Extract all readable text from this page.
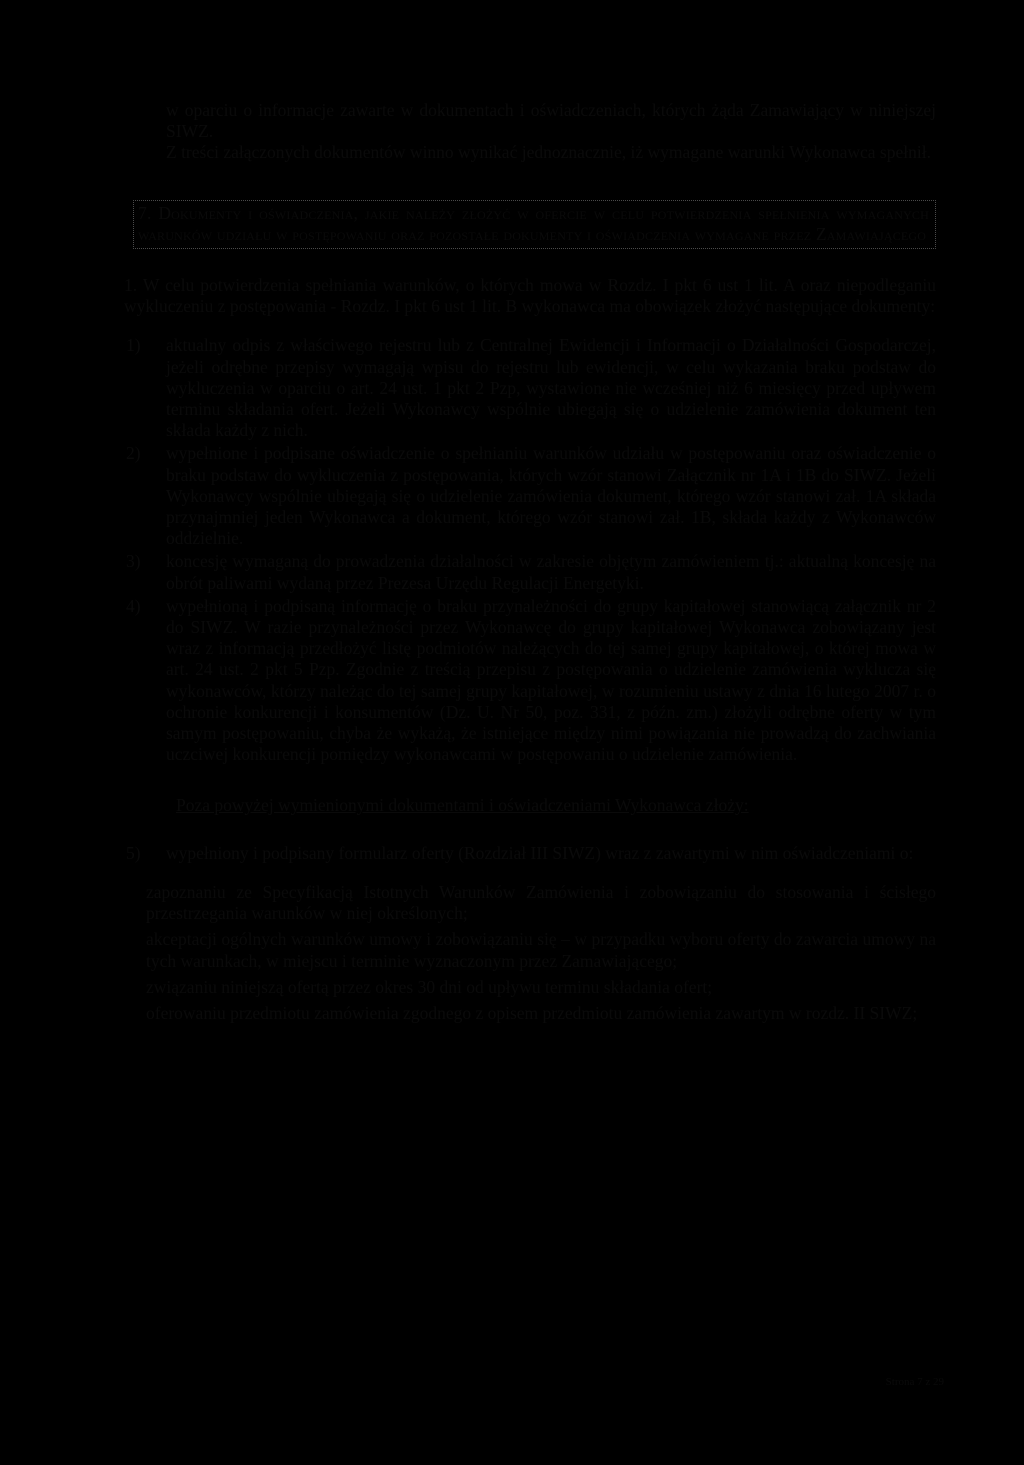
w oparciu o informacje zawarte w dokumentach i oświadczeniach, których żąda Zamawiający w niniejszej SIWZ.

Z treści załączonych dokumentów winno wynikać jednoznacznie, iż wymagane warunki Wykonawca spełnił.

7. Dokumenty i oświadczenia, jakie należy złożyć w ofercie w celu potwierdzenia spełnienia wymaganych warunków udziału w postępowaniu oraz pozostałe dokumenty i oświadczenia wymagane przez Zamawiającego
1. W celu potwierdzenia spełniania warunków, o których mowa w Rozdz. I pkt 6 ust 1 lit. A oraz niepodleganiu wykluczeniu z postępowania - Rozdz. I pkt 6 ust 1 lit. B wykonawca ma obowiązek złożyć następujące dokumenty:
1) aktualny odpis z właściwego rejestru lub z Centralnej Ewidencji i Informacji o Działalności Gospodarczej, jeżeli odrębne przepisy wymagają wpisu do rejestru lub ewidencji, w celu wykazania braku podstaw do wykluczenia w oparciu o art. 24 ust. 1 pkt 2 Pzp, wystawione nie wcześniej niż 6 miesięcy przed upływem terminu składania ofert. Jeżeli Wykonawcy wspólnie ubiegają się o udzielenie zamówienia dokument ten składa każdy z nich.
2) wypełnione i podpisane oświadczenie o spełnianiu warunków udziału w postępowaniu oraz oświadczenie o braku podstaw do wykluczenia z postępowania, których wzór stanowi Załącznik nr 1A i 1B do SIWZ. Jeżeli Wykonawcy wspólnie ubiegają się o udzielenie zamówienia dokument, którego wzór stanowi zał. 1A składa przynajmniej jeden Wykonawca a dokument, którego wzór stanowi zał. 1B, składa każdy z Wykonawców oddzielnie.
3) koncesję wymaganą do prowadzenia działalności w zakresie objętym zamówieniem tj.: aktualną koncesję na obrót paliwami wydaną przez Prezesa Urzędu Regulacji Energetyki.
4) wypełnioną i podpisaną informację o braku przynależności do grupy kapitałowej stanowiącą załącznik nr 2 do SIWZ. W razie przynależności przez Wykonawcę do grupy kapitałowej Wykonawca zobowiązany jest wraz z informacją przedłożyć listę podmiotów należących do tej samej grupy kapitałowej, o której mowa w art. 24 ust. 2 pkt 5 Pzp. Zgodnie z treścią przepisu z postępowania o udzielenie zamówienia wyklucza się wykonawców, którzy należąc do tej samej grupy kapitałowej, w rozumieniu ustawy z dnia 16 lutego 2007 r. o ochronie konkurencji i konsumentów (Dz. U. Nr 50, poz. 331, z późn. zm.) złożyli odrębne oferty w tym samym postępowaniu, chyba że wykażą, że istniejące między nimi powiązania nie prowadzą do zachwiania uczciwej konkurencji pomiędzy wykonawcami w postępowaniu o udzielenie zamówienia.
Poza powyżej wymienionymi dokumentami i oświadczeniami Wykonawca złoży:
5) wypełniony i podpisany formularz oferty (Rozdział III SIWZ) wraz z zawartymi w nim oświadczeniami o:
zapoznaniu ze Specyfikacją Istotnych Warunków Zamówienia i zobowiązaniu do stosowania i ścisłego przestrzegania warunków w niej określonych;
akceptacji ogólnych warunków umowy i zobowiązaniu się – w przypadku wyboru oferty do zawarcia umowy na tych warunkach, w miejscu i terminie wyznaczonym przez Zamawiającego;
związaniu niniejszą ofertą przez okres 30 dni od upływu terminu składania ofert;
oferowaniu przedmiotu zamówienia zgodnego z opisem przedmiotu zamówienia zawartym w rozdz. II SIWZ;
Strona 7 z 29
